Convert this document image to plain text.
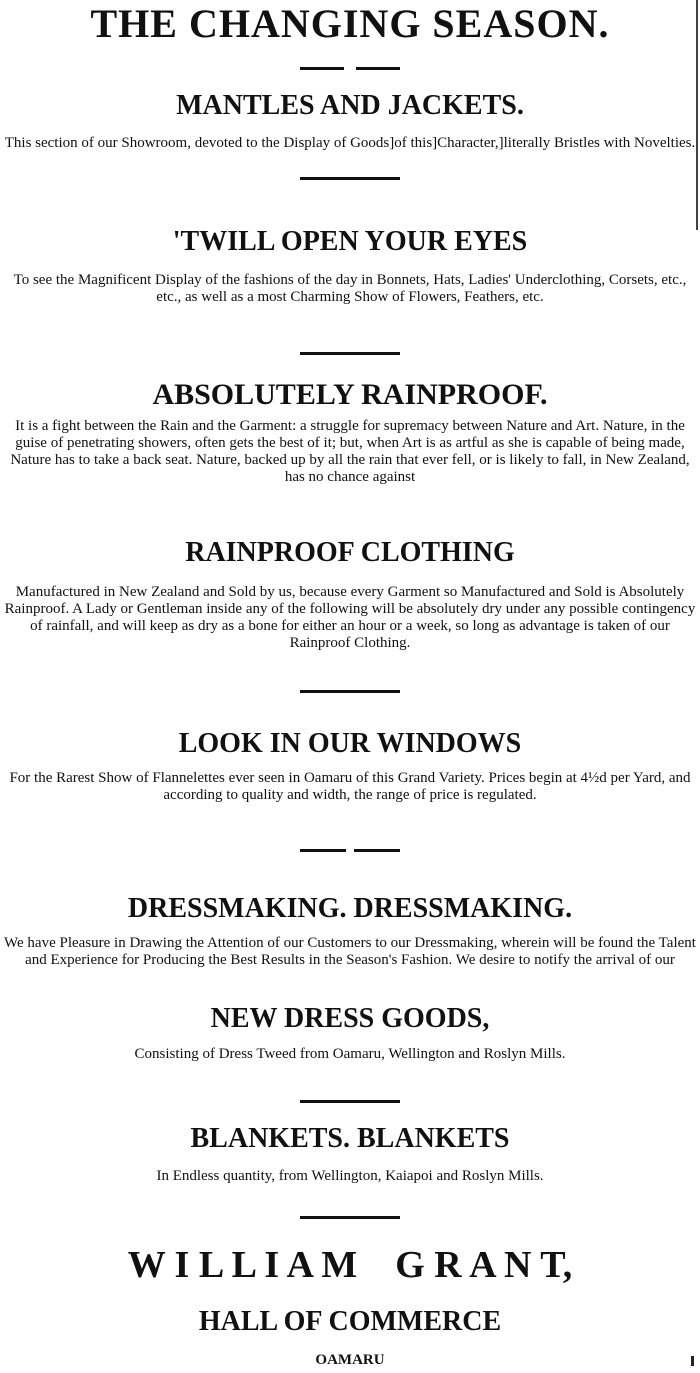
THE CHANGING SEASON.
MANTLES AND JACKETS.
This section of our Showroom, devoted to the Display of Goods]of this]Character,]literally Bristles with Novelties.
'TWILL OPEN YOUR EYES
To see the Magnificent Display of the fashions of the day in Bonnets, Hats, Ladies' Underclothing, Corsets, etc., etc., as well as a most Charming Show of Flowers, Feathers, etc.
ABSOLUTELY RAINPROOF.
It is a fight between the Rain and the Garment: a struggle for supremacy between Nature and Art. Nature, in the guise of penetrating showers, often gets the best of it; but, when Art is as artful as she is capable of being made, Nature has to take a back seat. Nature, backed up by all the rain that ever fell, or is likely to fall, in New Zealand, has no chance against
RAINPROOF CLOTHING
Manufactured in New Zealand and Sold by us, because every Garment so Manufactured and Sold is Absolutely Rainproof. A Lady or Gentleman inside any of the following will be absolutely dry under any possible contingency of rainfall, and will keep as dry as a bone for either an hour or a week, so long as advantage is taken of our Rainproof Clothing.
LOOK IN OUR WINDOWS
For the Rarest Show of Flannelettes ever seen in Oamaru of this Grand Variety. Prices begin at 4½d per Yard, and according to quality and width, the range of price is regulated.
DRESSMAKING. DRESSMAKING.
We have Pleasure in Drawing the Attention of our Customers to our Dressmaking, wherein will be found the Talent and Experience for Producing the Best Results in the Season's Fashion. We desire to notify the arrival of our
NEW DRESS GOODS,
Consisting of Dress Tweed from Oamaru, Wellington and Roslyn Mills.
BLANKETS. BLANKETS
In Endless quantity, from Wellington, Kaiapoi and Roslyn Mills.
W I L L I A M    G R A N T,
HALL OF COMMERCE
OAMARU
